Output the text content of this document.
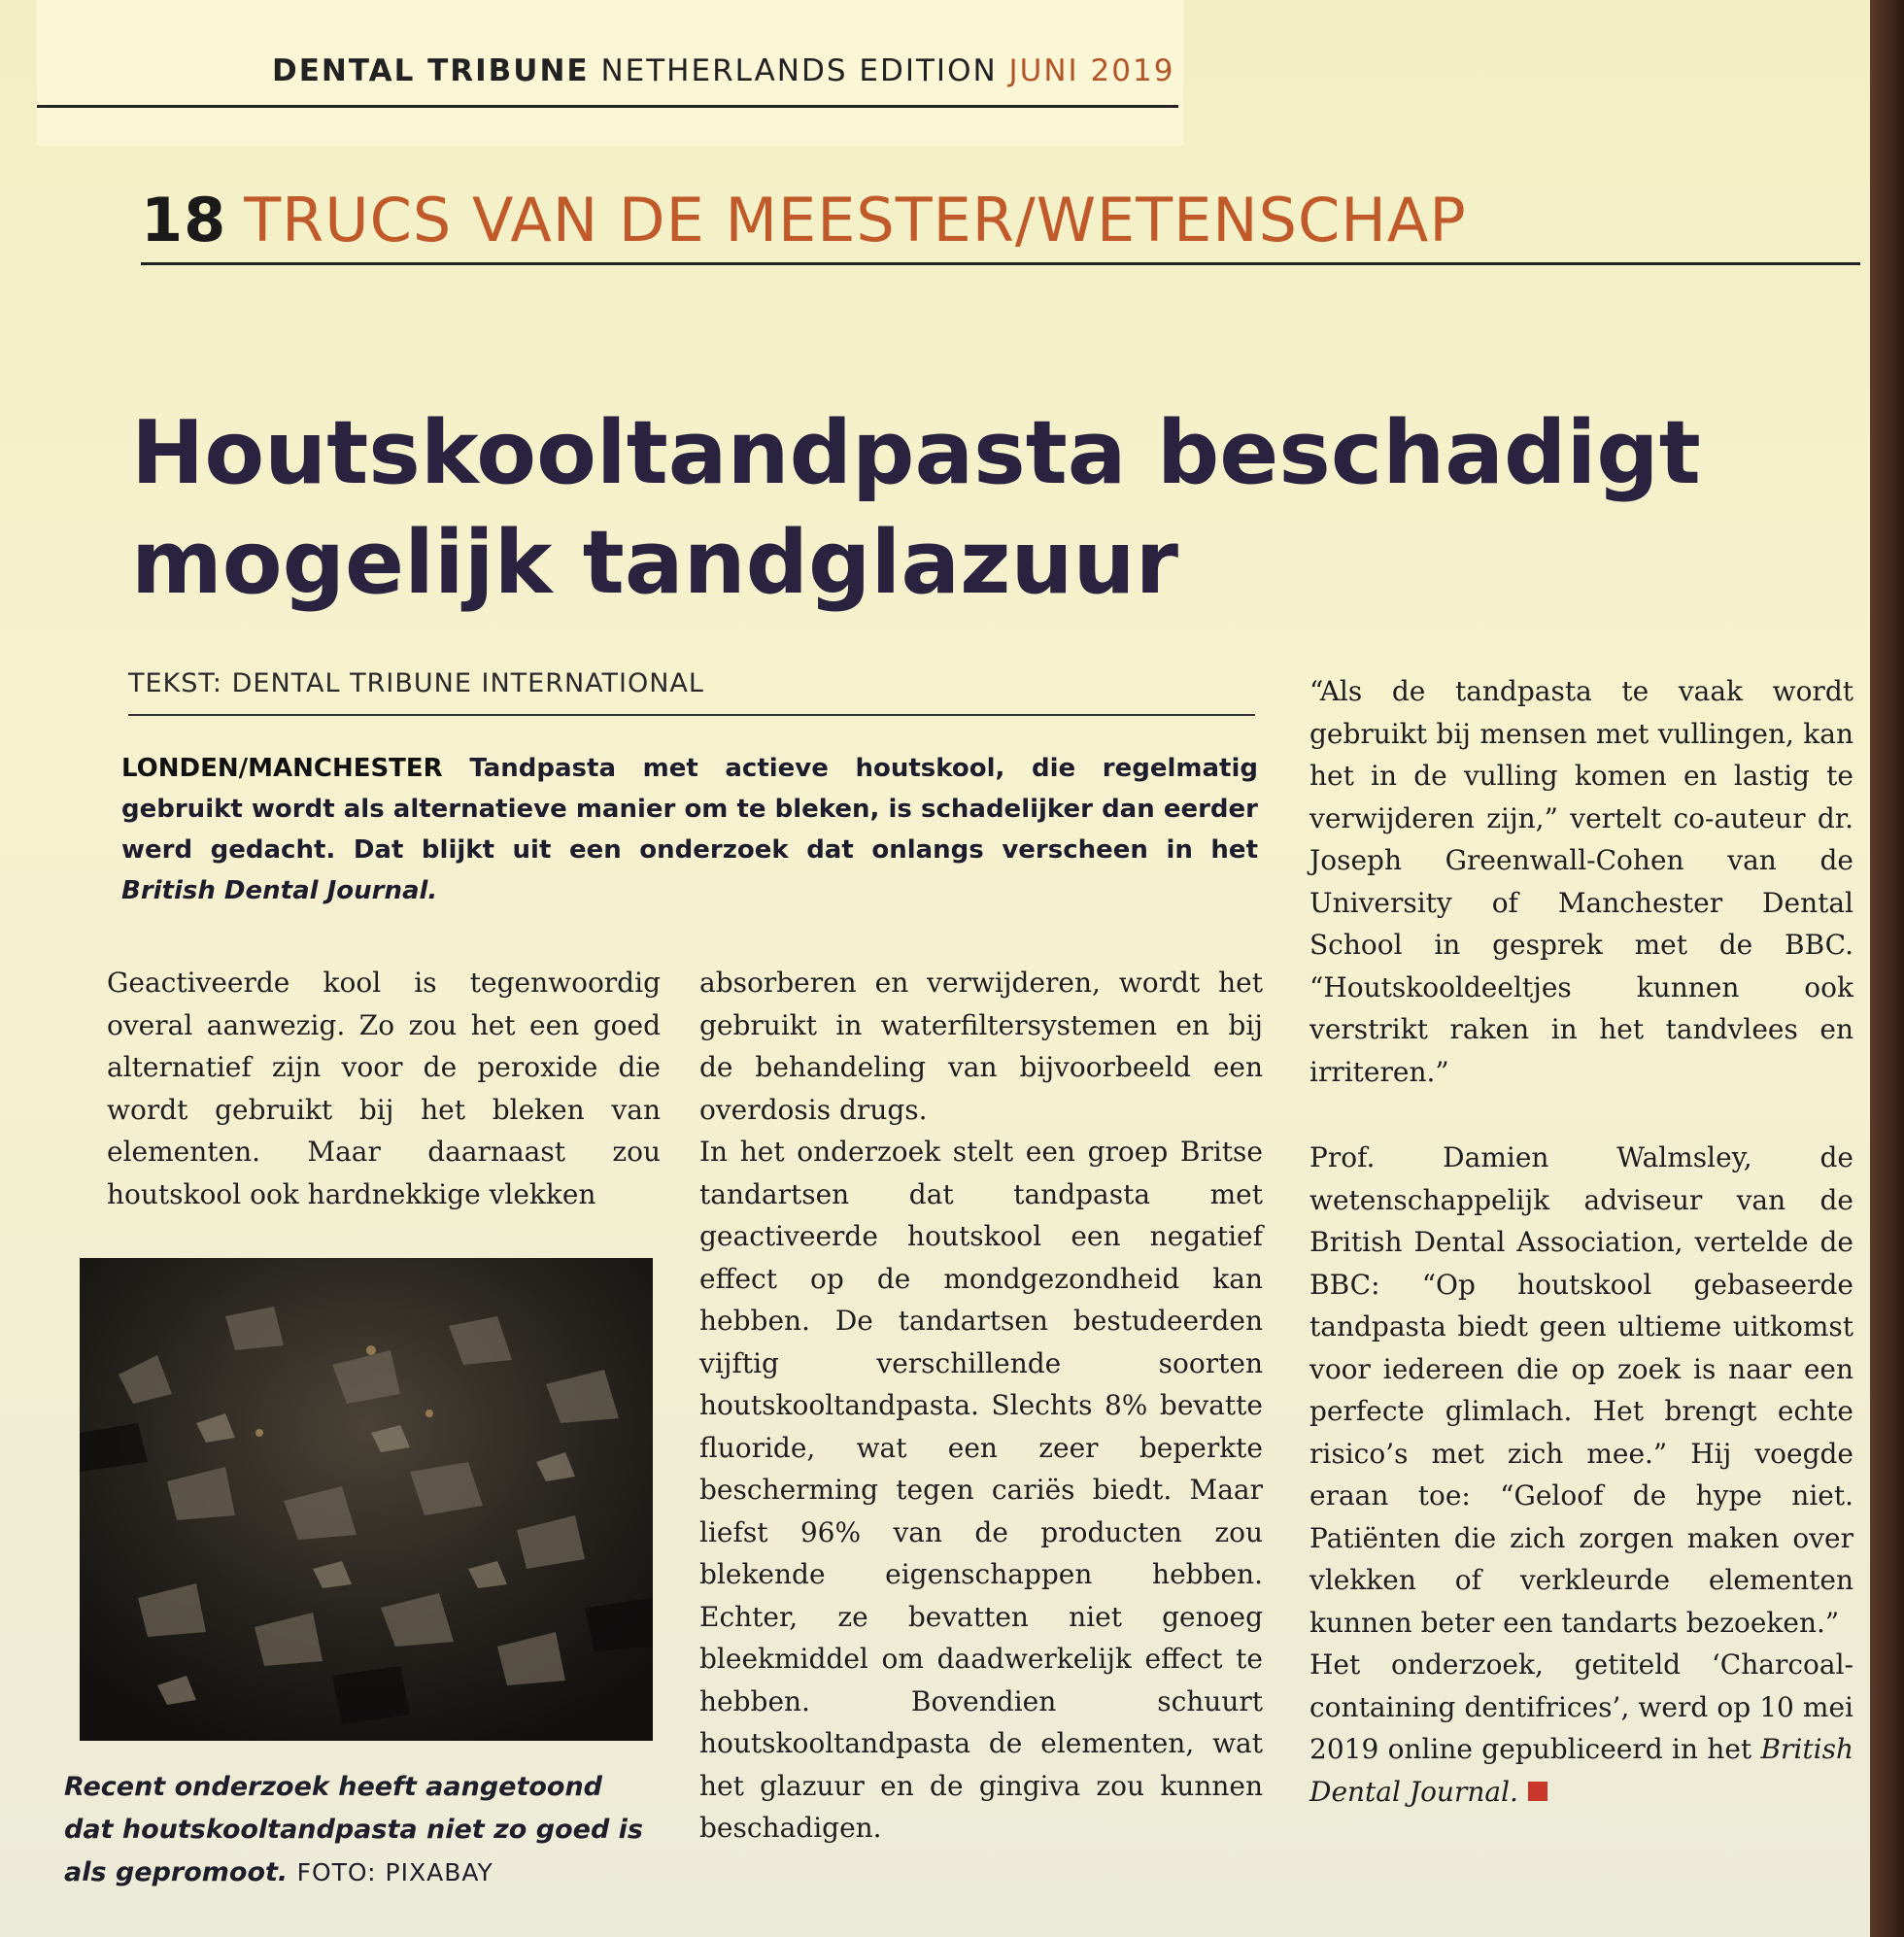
DENTAL TRIBUNE NETHERLANDS EDITION JUNI 2019
18 TRUCS VAN DE MEESTER/WETENSCHAP
Houtskooltandpasta beschadigt mogelijk tandglazuur
TEKST: DENTAL TRIBUNE INTERNATIONAL
LONDEN/MANCHESTER Tandpasta met actieve houtskool, die regelmatig gebruikt wordt als alternatieve manier om te bleken, is schadelijker dan eerder werd gedacht. Dat blijkt uit een onderzoek dat onlangs verscheen in het British Dental Journal.

Geactiveerde kool is tegenwoordig overal aanwezig. Zo zou het een goed alternatief zijn voor de peroxide die wordt gebruikt bij het bleken van elementen. Maar daarnaast zou houtskool ook hardnekkige vlekken

Recent onderzoek heeft aangetoond dat houtskooltandpasta niet zo goed is als gepromoot. FOTO: PIXABAY

absorberen en verwijderen, wordt het gebruikt in waterfiltersystemen en bij de behandeling van bijvoorbeeld een overdosis drugs.

In het onderzoek stelt een groep Britse tandartsen dat tandpasta met geactiveerde houtskool een negatief effect op de mondgezondheid kan hebben. De tandartsen bestudeerden vijftig verschillende soorten houtskooltandpasta. Slechts 8% bevatte fluoride, wat een zeer beperkte bescherming tegen cariës biedt. Maar liefst 96% van de producten zou blekende eigenschappen hebben. Echter, ze bevatten niet genoeg bleekmiddel om daadwerkelijk effect te hebben. Bovendien schuurt houtskooltandpasta de elementen, wat het glazuur en de gingiva zou kunnen beschadigen.

“Als de tandpasta te vaak wordt gebruikt bij mensen met vullingen, kan het in de vulling komen en lastig te verwijderen zijn,” vertelt co-auteur dr. Joseph Greenwall-Cohen van de University of Manchester Dental School in gesprek met de BBC. “Houtskooldeeltjes kunnen ook verstrikt raken in het tandvlees en irriteren.”

Prof. Damien Walmsley, de wetenschappelijk adviseur van de British Dental Association, vertelde de BBC: “Op houtskool gebaseerde tandpasta biedt geen ultieme uitkomst voor iedereen die op zoek is naar een perfecte glimlach. Het brengt echte risico’s met zich mee.” Hij voegde eraan toe: “Geloof de hype niet. Patiënten die zich zorgen maken over vlekken of verkleurde elementen kunnen beter een tandarts bezoeken.”

Het onderzoek, getiteld ‘Charcoal-containing dentifrices’, werd op 10 mei 2019 online gepubliceerd in het British Dental Journal.
